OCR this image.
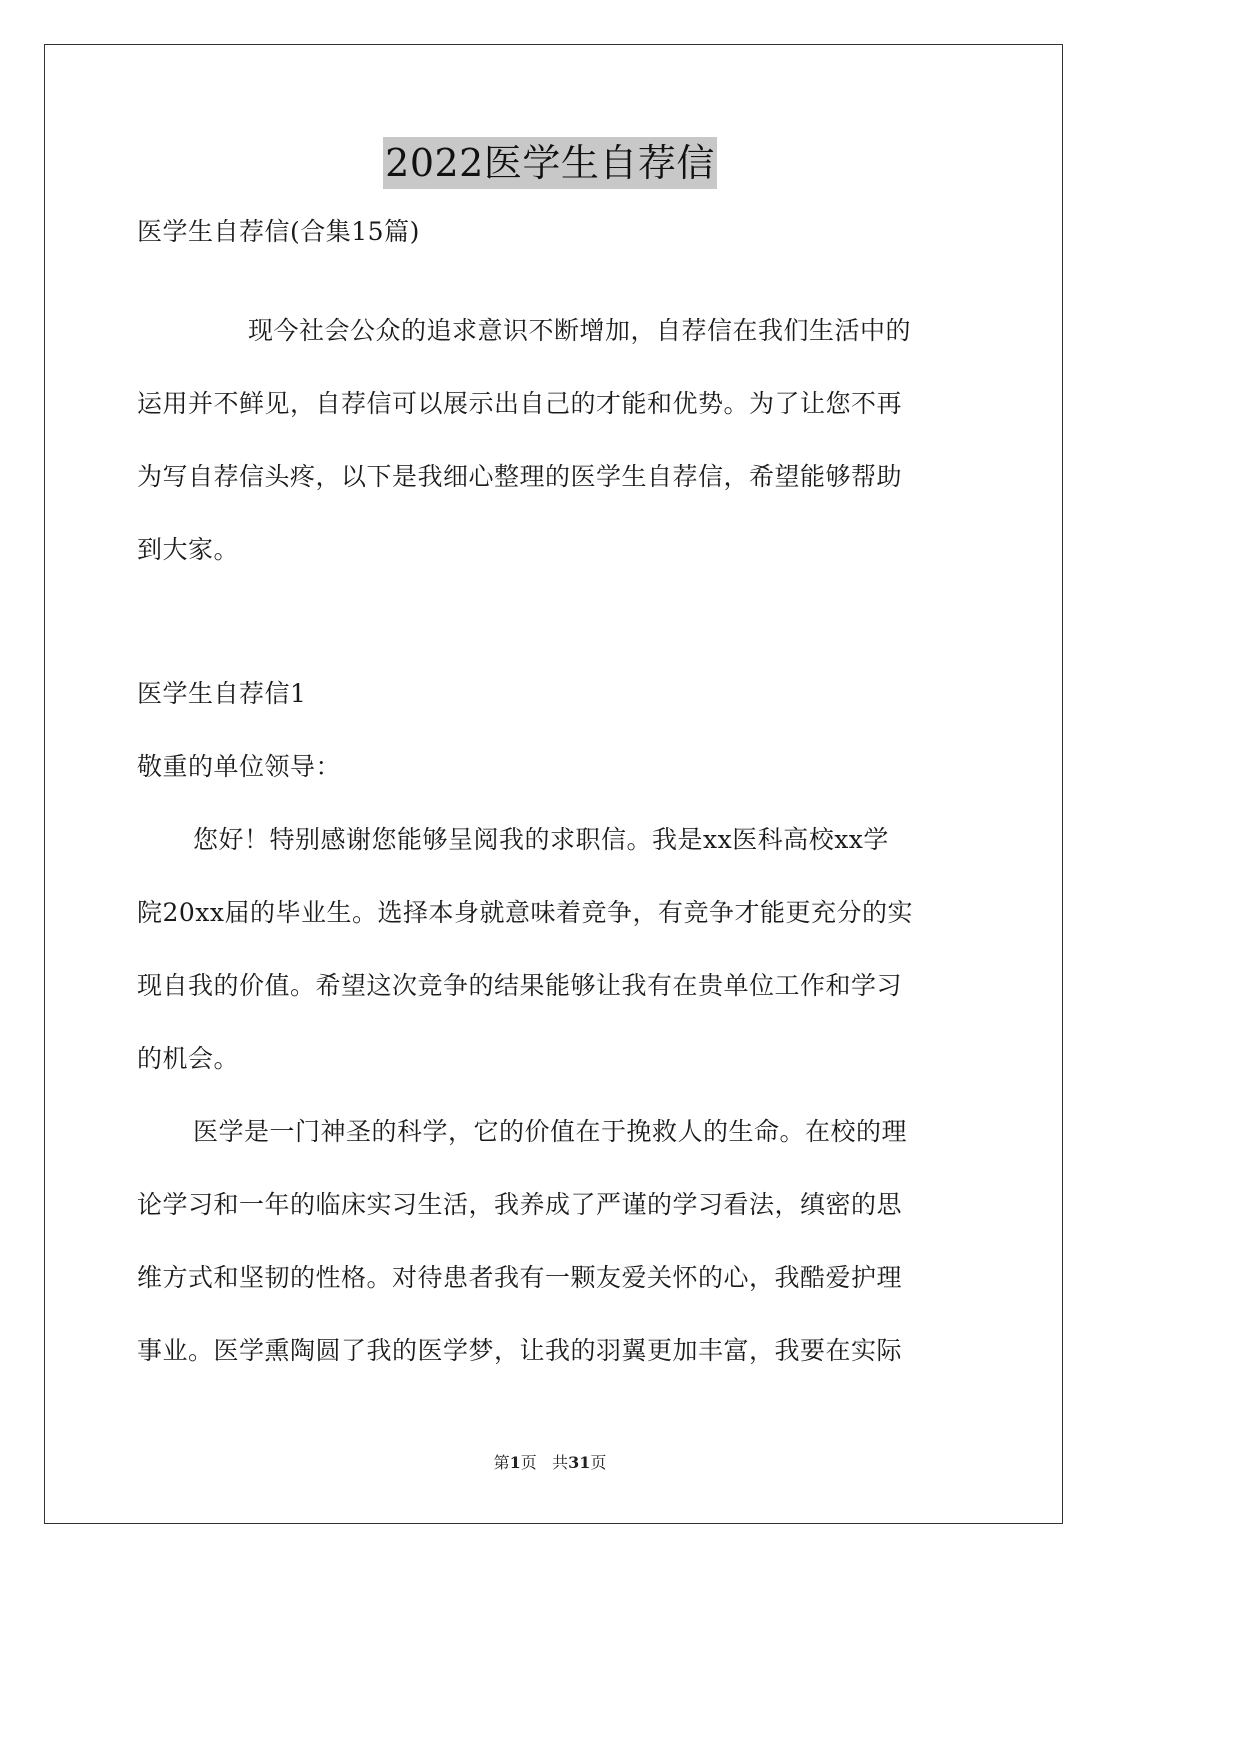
2022医学生自荐信
医学生自荐信(合集15篇)
现今社会公众的追求意识不断增加，自荐信在我们生活中的
运用并不鲜见，自荐信可以展示出自己的才能和优势。为了让您不再
为写自荐信头疼，以下是我细心整理的医学生自荐信，希望能够帮助
到大家。
医学生自荐信1
敬重的单位领导：
您好！特别感谢您能够呈阅我的求职信。我是xx医科高校xx学
院20xx届的毕业生。选择本身就意味着竞争，有竞争才能更充分的实
现自我的价值。希望这次竞争的结果能够让我有在贵单位工作和学习
的机会。
医学是一门神圣的科学，它的价值在于挽救人的生命。在校的理
论学习和一年的临床实习生活，我养成了严谨的学习看法，缜密的思
维方式和坚韧的性格。对待患者我有一颗友爱关怀的心，我酷爱护理
事业。医学熏陶圆了我的医学梦，让我的羽翼更加丰富，我要在实际
第1页 共31页
